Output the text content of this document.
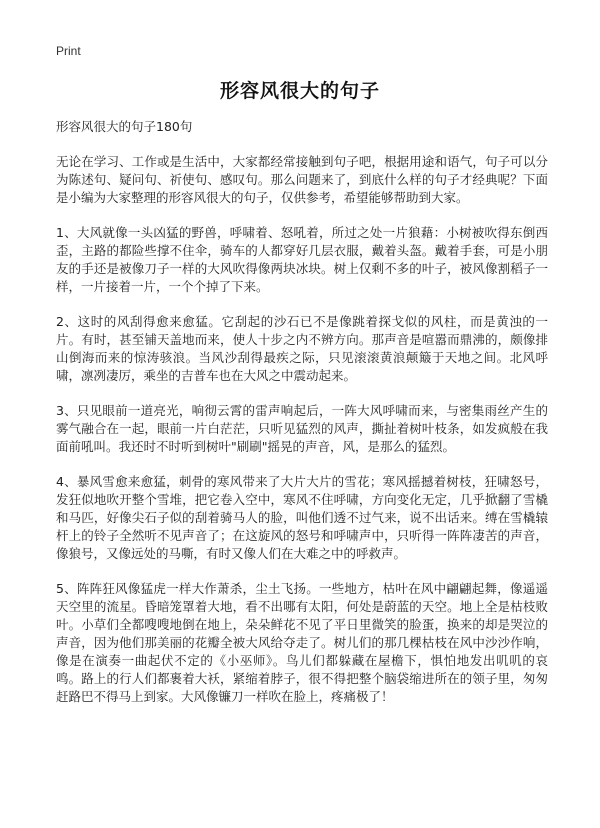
Print
形容风很大的句子

形容风很大的句子180句

无论在学习、工作或是生活中，大家都经常接触到句子吧，根据用途和语气，句子可以分为陈述句、疑问句、祈使句、感叹句。那么问题来了，到底什么样的句子才经典呢？下面是小编为大家整理的形容风很大的句子，仅供参考，希望能够帮助到大家。

1、大风就像一头凶猛的野兽，呼啸着、怒吼着，所过之处一片狼藉：小树被吹得东倒西歪，主路的都险些撑不住伞，骑车的人都穿好几层衣服，戴着头盔。戴着手套，可是小朋友的手还是被像刀子一样的大风吹得像两块冰块。树上仅剩不多的叶子，被风像割稻子一样，一片接着一片，一个个掉了下来。

2、这时的风刮得愈来愈猛。它刮起的沙石已不是像跳着探戈似的风柱，而是黄浊的一片。有时，甚至铺天盖地而来，使人十步之内不辨方向。那声音是喧嚣而鼎沸的，颇像排山倒海而来的惊涛骇浪。当风沙刮得最疾之际，只见滚滚黄浪颠簸于天地之间。北风呼啸，凛冽凄厉，乘坐的吉普车也在大风之中震动起来。

3、只见眼前一道亮光，响彻云霄的雷声响起后，一阵大风呼啸而来，与密集雨丝产生的雾气融合在一起，眼前一片白茫茫，只听见猛烈的风声，撕扯着树叶枝条，如发疯般在我面前吼叫。我还时不时听到树叶"刷刷"摇晃的声音，风，是那么的猛烈。

4、暴风雪愈来愈猛，刺骨的寒风带来了大片大片的雪花；寒风摇撼着树枝，狂啸怒号，发狂似地吹开整个雪堆，把它卷入空中，寒风不住呼啸，方向变化无定，几乎掀翻了雪橇和马匹，好像尖石子似的刮着骑马人的脸，叫他们透不过气来，说不出话来。缚在雪橇辕杆上的铃子全然听不见声音了；在这旋风的怒号和呼啸声中，只听得一阵阵凄苦的声音，像狼号，又像远处的马嘶，有时又像人们在大难之中的呼救声。

5、阵阵狂风像猛虎一样大作萧杀，尘土飞扬。一些地方，枯叶在风中翩翩起舞，像遥遥天空里的流星。昏暗笼罩着大地，看不出哪有太阳，何处是蔚蓝的天空。地上全是枯枝败叶。小草们全都嗖嗖地倒在地上，朵朵鲜花不见了平日里微笑的脸蛋，换来的却是哭泣的声音，因为他们那美丽的花瓣全被大风给夺走了。树儿们的那几棵枯枝在风中沙沙作响，像是在演奏一曲起伏不定的《小巫师》。鸟儿们都躲藏在屋檐下，惧怕地发出叽叽的哀鸣。路上的行人们都裹着大袄，紧缩着脖子，很不得把整个脑袋缩进所在的领子里，匆匆赶路巴不得马上到家。大风像镰刀一样吹在脸上，疼痛极了！
